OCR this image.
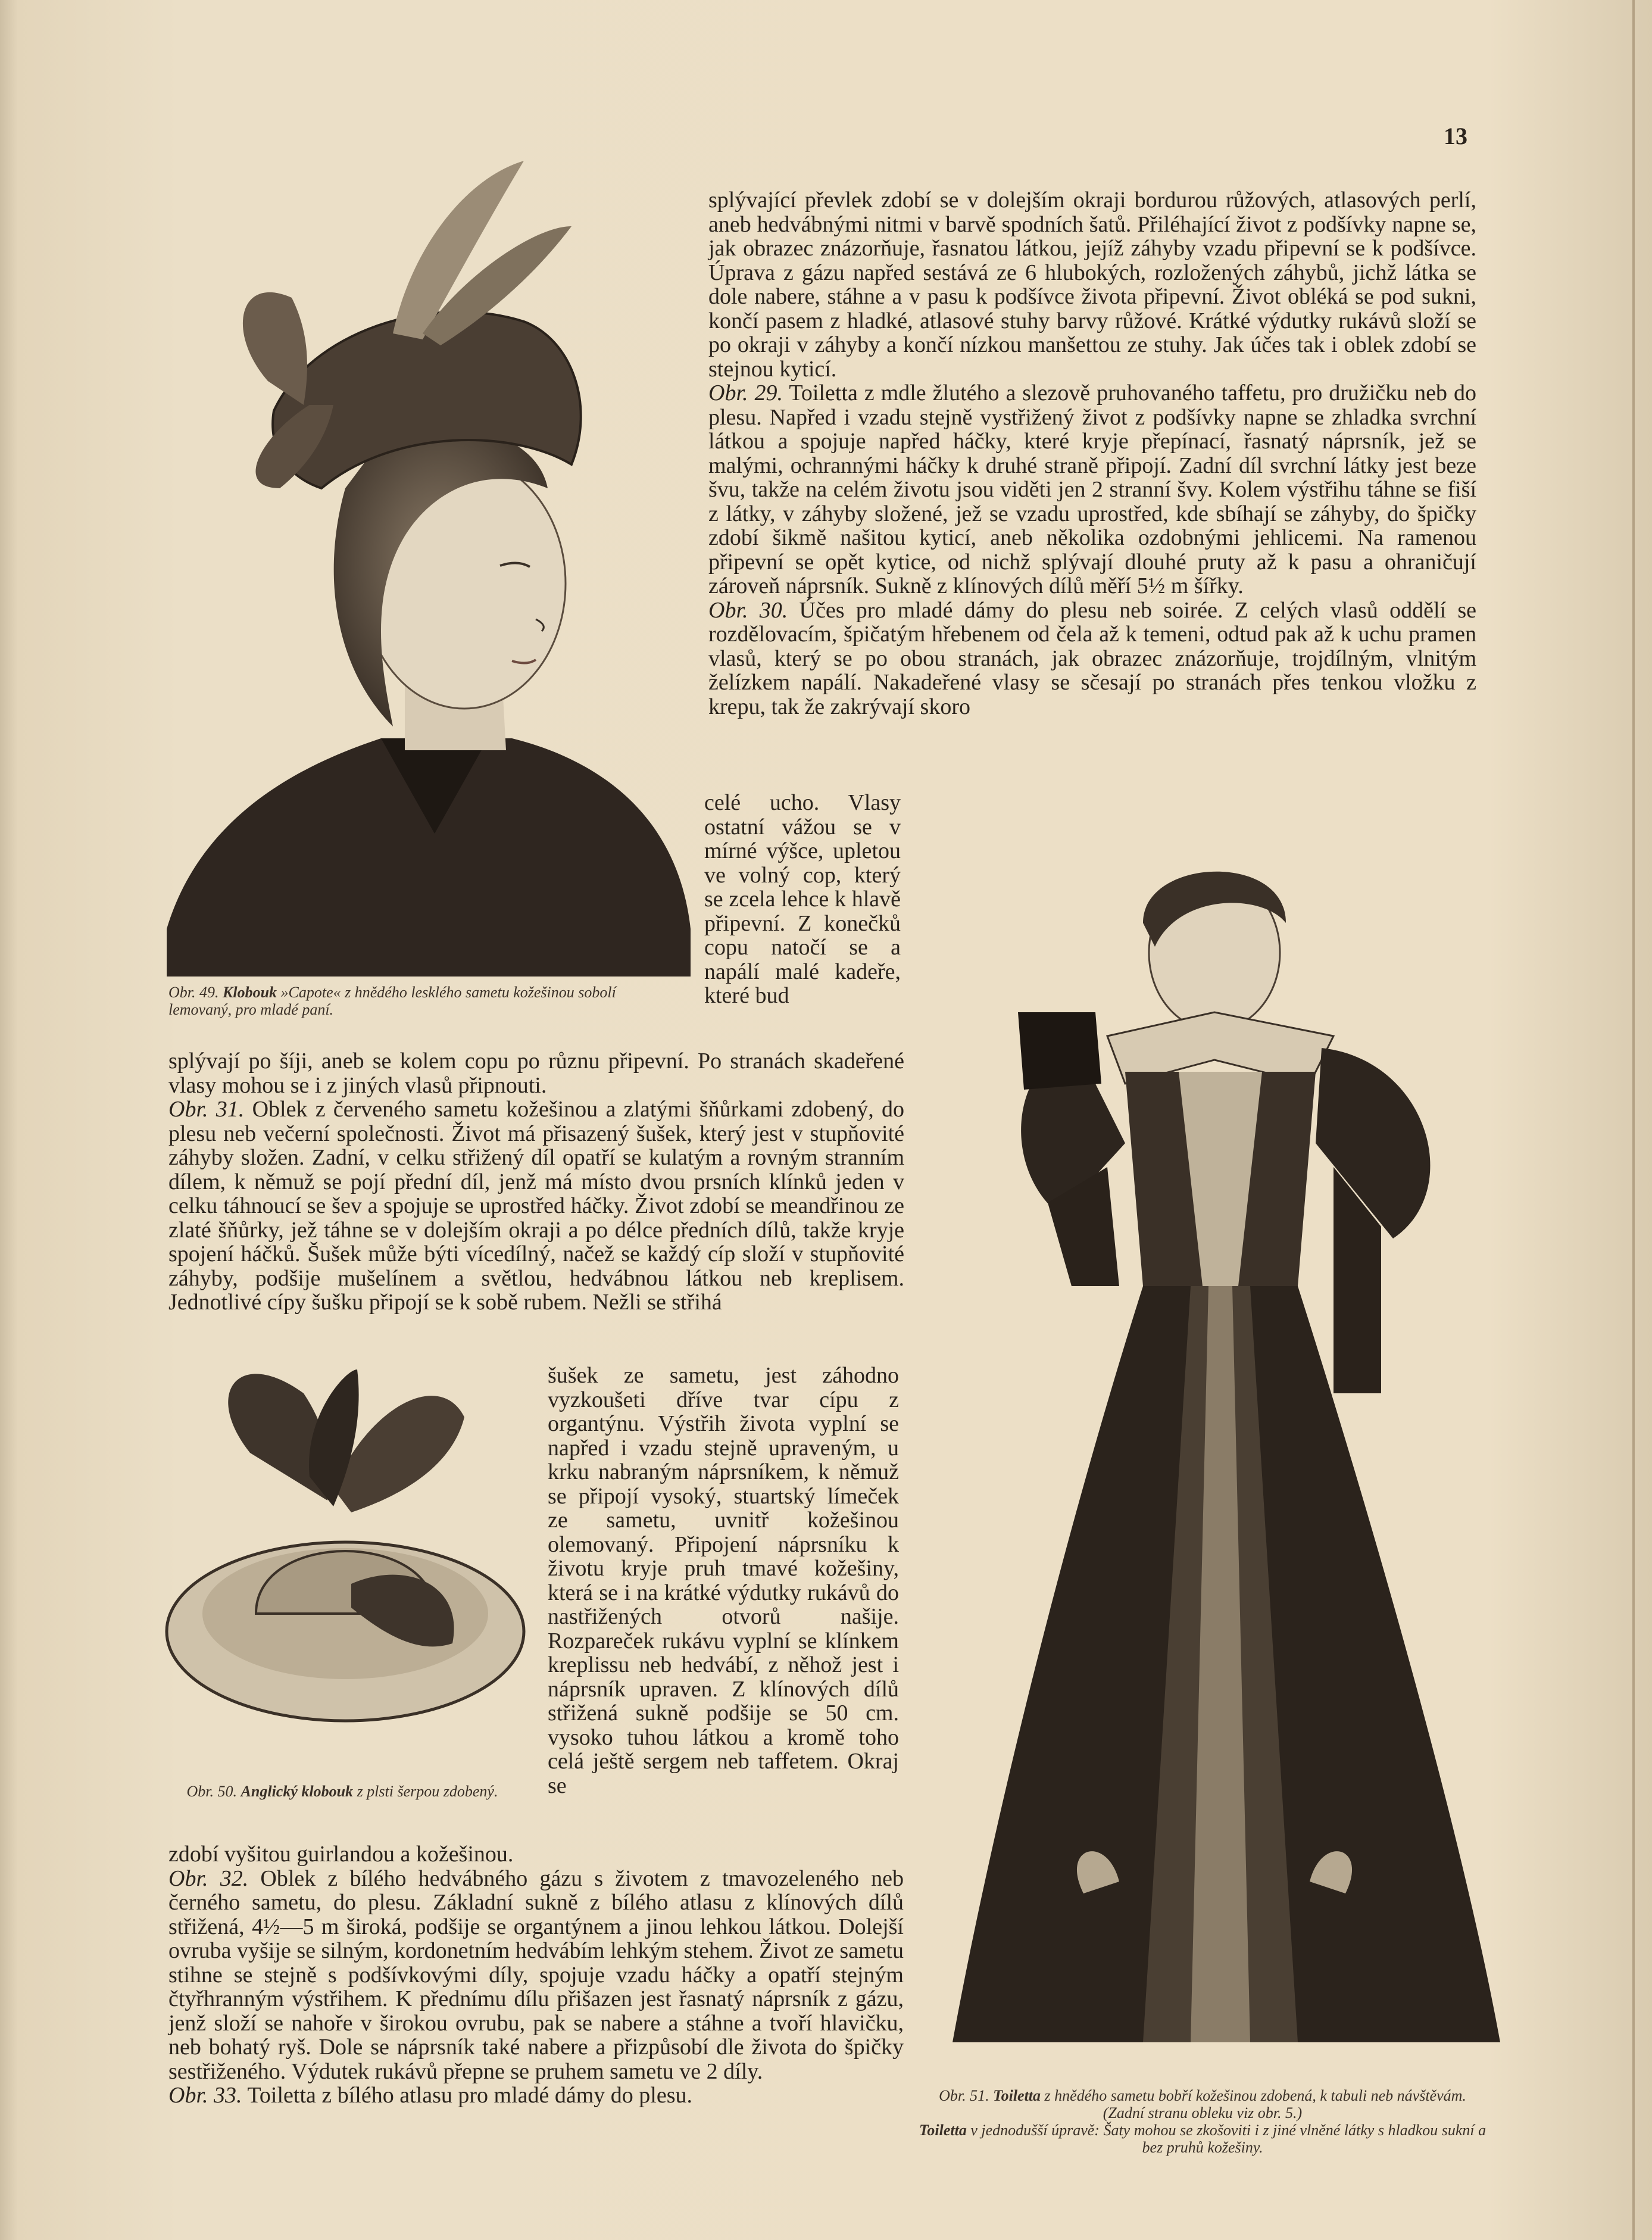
13
Obr. 49. Klobouk »Capote« z hnědého lesklého sametu kožešinou sobolí lemovaný, pro mladé paní.
Obr. 50. Anglický klobouk z plsti šerpou zdobený.
Obr. 51. Toiletta z hnědého sametu bobří kožešinou zdobená, k tabuli neb návštěvám. (Zadní stranu obleku viz obr. 5.)
Toiletta v jednodušší úpravě: Šaty mohou se zkošoviti i z jiné vlněné látky s hladkou sukní a bez pruhů kožešiny.

splývající převlek zdobí se v dolejším okraji bordurou růžových, atlasových perlí, aneb hedvábnými nitmi v barvě spodních šatů. Přiléhající život z podšívky napne se, jak obrazec znázorňuje, řasnatou látkou, jejíž záhyby vzadu připevní se k podšívce. Úprava z gázu napřed sestává ze 6 hlubokých, rozložených záhybů, jichž látka se dole nabere, stáhne a v pasu k podšívce života připevní. Život obléká se pod sukni, končí pasem z hladké, atlasové stuhy barvy růžové. Krátké výdutky rukávů složí se po okraji v záhyby a končí nízkou manšettou ze stuhy. Jak účes tak i oblek zdobí se stejnou kyticí.

Obr. 29. Toiletta z mdle žlutého a slezově pruhovaného taffetu, pro družičku neb do plesu. Napřed i vzadu stejně vystřižený život z podšívky napne se zhladka svrchní látkou a spojuje napřed háčky, které kryje přepínací, řasnatý náprsník, jež se malými, ochrannými háčky k druhé straně připojí. Zadní díl svrchní látky jest beze švu, takže na celém životu jsou viděti jen 2 stranní švy. Kolem výstřihu táhne se fiší z látky, v záhyby složené, jež se vzadu uprostřed, kde sbíhají se záhyby, do špičky zdobí šikmě našitou kyticí, aneb několika ozdobnými jehlicemi. Na ramenou připevní se opět kytice, od nichž splývají dlouhé pruty až k pasu a ohraničují zároveň náprsník. Sukně z klínových dílů měří 5½ m šířky.

Obr. 30. Účes pro mladé dámy do plesu neb soirée. Z celých vlasů oddělí se rozdělovacím, špičatým hřebenem od čela až k temeni, odtud pak až k uchu pramen vlasů, který se po obou stranách, jak obrazec znázorňuje, trojdílným, vlnitým želízkem napálí. Nakadeřené vlasy se sčesají po stranách přes tenkou vložku z krepu, tak že zakrývají skoro

celé ucho. Vlasy ostatní vážou se v mírné výšce, upletou ve volný cop, který se zcela lehce k hlavě připevní. Z konečků copu natočí se a napálí malé kadeře, které bud

splývají po šíji, aneb se kolem copu po různu připevní. Po stranách skadeřené vlasy mohou se i z jiných vlasů připnouti.

Obr. 31. Oblek z červeného sametu kožešinou a zlatými šňůrkami zdobený, do plesu neb večerní společnosti. Život má přisazený šušek, který jest v stupňovité záhyby složen. Zadní, v celku střižený díl opatří se kulatým a rovným stranním dílem, k němuž se pojí přední díl, jenž má místo dvou prsních klínků jeden v celku táhnoucí se šev a spojuje se uprostřed háčky. Život zdobí se meandřinou ze zlaté šňůrky, jež táhne se v dolejším okraji a po délce předních dílů, takže kryje spojení háčků. Šušek může býti vícedílný, načež se každý cíp složí v stupňovité záhyby, podšije mušelínem a světlou, hedvábnou látkou neb kreplisem. Jednotlivé cípy šušku připojí se k sobě rubem. Nežli se střihá

šušek ze sametu, jest záhodno vyzkoušeti dříve tvar cípu z organtýnu. Výstřih života vyplní se napřed i vzadu stejně upraveným, u krku nabraným náprsníkem, k němuž se připojí vysoký, stuartský límeček ze sametu, uvnitř kožešinou olemovaný. Připojení náprsníku k životu kryje pruh tmavé kožešiny, která se i na krátké výdutky rukávů do nastřižených otvorů našije. Rozpareček rukávu vyplní se klínkem kreplissu neb hedvábí, z něhož jest i náprsník upraven. Z klínových dílů střižená sukně podšije se 50 cm. vysoko tuhou látkou a kromě toho celá ještě sergem neb taffetem. Okraj se

zdobí vyšitou guirlandou a kožešinou.

Obr. 32. Oblek z bílého hedvábného gázu s životem z tmavozeleného neb černého sametu, do plesu. Základní sukně z bílého atlasu z klínových dílů střižená, 4½—5 m široká, podšije se organtýnem a jinou lehkou látkou. Dolejší ovruba vyšije se silným, kordonetním hedvábím lehkým stehem. Život ze sametu stihne se stejně s podšívkovými díly, spojuje vzadu háčky a opatří stejným čtyřhranným výstřihem. K přednímu dílu přišazen jest řasnatý náprsník z gázu, jenž složí se nahoře v širokou ovrubu, pak se nabere a stáhne a tvoří hlavičku, neb bohatý ryš. Dole se náprsník také nabere a přizpůsobí dle života do špičky sestřiženého. Výdutek rukávů přepne se pruhem sametu ve 2 díly.

Obr. 33. Toiletta z bílého atlasu pro mladé dámy do plesu.
